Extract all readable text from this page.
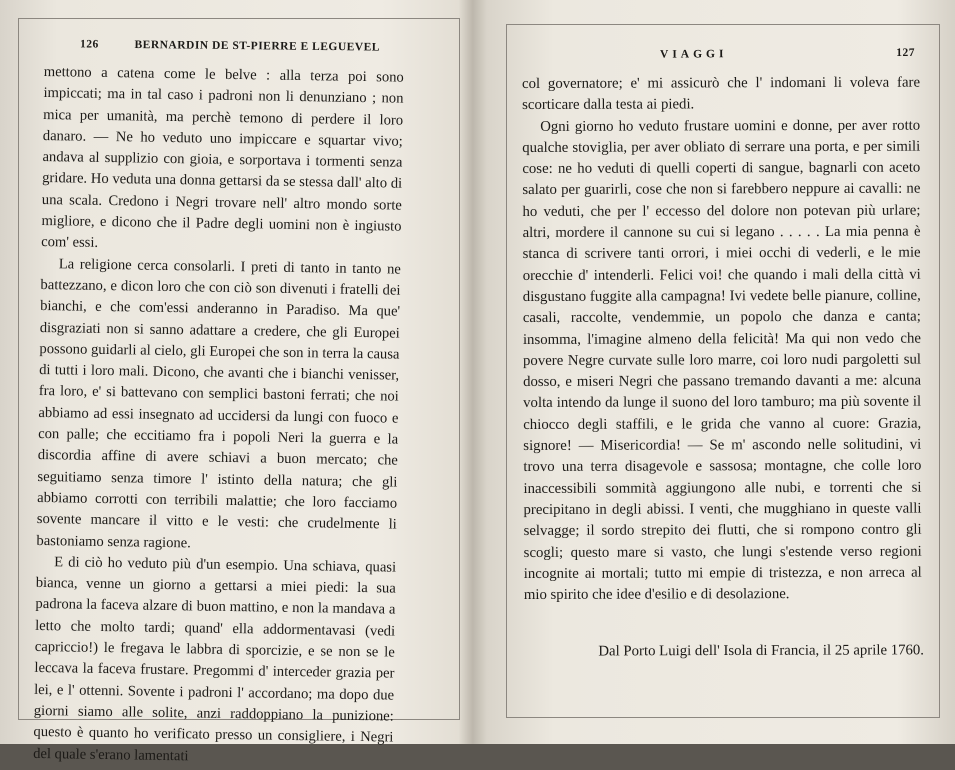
126	BERNARDIN DE ST-PIERRE E LEGUEVEL

mettono a catena come le belve : alla terza poi sono impiccati; ma in tal caso i padroni non li denunziano ; non mica per umanità, ma perchè temono di perdere il loro danaro. — Ne ho veduto uno impiccare e squartar vivo; andava al supplizio con gioia, e sorportava i tormenti senza gridare. Ho veduta una donna gettarsi da se stessa dall' alto di una scala. Credono i Negri trovare nell' altro mondo sorte migliore, e dicono che il Padre degli uomini non è ingiusto com' essi.

La religione cerca consolarli. I preti di tanto in tanto ne battezzano, e dicon loro che con ciò son divenuti i fratelli dei bianchi, e che com'essi anderanno in Paradiso. Ma que' disgraziati non si sanno adattare a credere, che gli Europei possono guidarli al cielo, gli Europei che son in terra la causa di tutti i loro mali. Dicono, che avanti che i bianchi venisser, fra loro, e' si battevano con semplici bastoni ferrati; che noi abbiamo ad essi insegnato ad uccidersi da lungi con fuoco e con palle; che eccitiamo fra i popoli Neri la guerra e la discordia affine di avere schiavi a buon mercato; che seguitiamo senza timore l' istinto della natura; che gli abbiamo corrotti con terribili malattie; che loro facciamo sovente mancare il vitto e le vesti: che crudelmente li bastoniamo senza ragione.

E di ciò ho veduto più d'un esempio. Una schiava, quasi bianca, venne un giorno a gettarsi a miei piedi: la sua padrona la faceva alzare di buon mattino, e non la mandava a letto che molto tardi; quand' ella addormentavasi (vedi capriccio!) le fregava le labbra di sporcizie, e se non se le leccava la faceva frustare. Pregommi d' interceder grazia per lei, e l' ottenni. Sovente i padroni l' accordano; ma dopo due giorni siamo alle solite, anzi raddoppiano la punizione: questo è quanto ho verificato presso un consigliere, i Negri del quale s'erano lamentati

VIAGGI	127

col governatore; e' mi assicurò che l' indomani li voleva fare scorticare dalla testa ai piedi.

Ogni giorno ho veduto frustare uomini e donne, per aver rotto qualche stoviglia, per aver obliato di serrare una porta, e per simili cose: ne ho veduti di quelli coperti di sangue, bagnarli con aceto salato per guarirli, cose che non si farebbero neppure ai cavalli: ne ho veduti, che per l' eccesso del dolore non potevan più urlare; altri, mordere il cannone su cui si legano . . . . . La mia penna è stanca di scrivere tanti orrori, i miei occhi di vederli, e le mie orecchie d' intenderli. Felici voi! che quando i mali della città vi disgustano fuggite alla campagna! Ivi vedete belle pianure, colline, casali, raccolte, vendemmie, un popolo che danza e canta; insomma, l'imagine almeno della felicità! Ma qui non vedo che povere Negre curvate sulle loro marre, coi loro nudi pargoletti sul dosso, e miseri Negri che passano tremando davanti a me: alcuna volta intendo da lunge il suono del loro tamburo; ma più sovente il chiocco degli staffili, e le grida che vanno al cuore: Grazia, signore! — Misericordia! — Se m' ascondo nelle solitudini, vi trovo una terra disagevole e sassosa; montagne, che colle loro inaccessibili sommità aggiungono alle nubi, e torrenti che si precipitano in degli abissi. I venti, che mugghiano in queste valli selvagge; il sordo strepito dei flutti, che si rompono contro gli scogli; questo mare si vasto, che lungi s'estende verso regioni incognite ai mortali; tutto mi empie di tristezza, e non arreca al mio spirito che idee d'esilio e di desolazione.

Dal Porto Luigi dell' Isola di Francia, il 25 aprile 1760.
